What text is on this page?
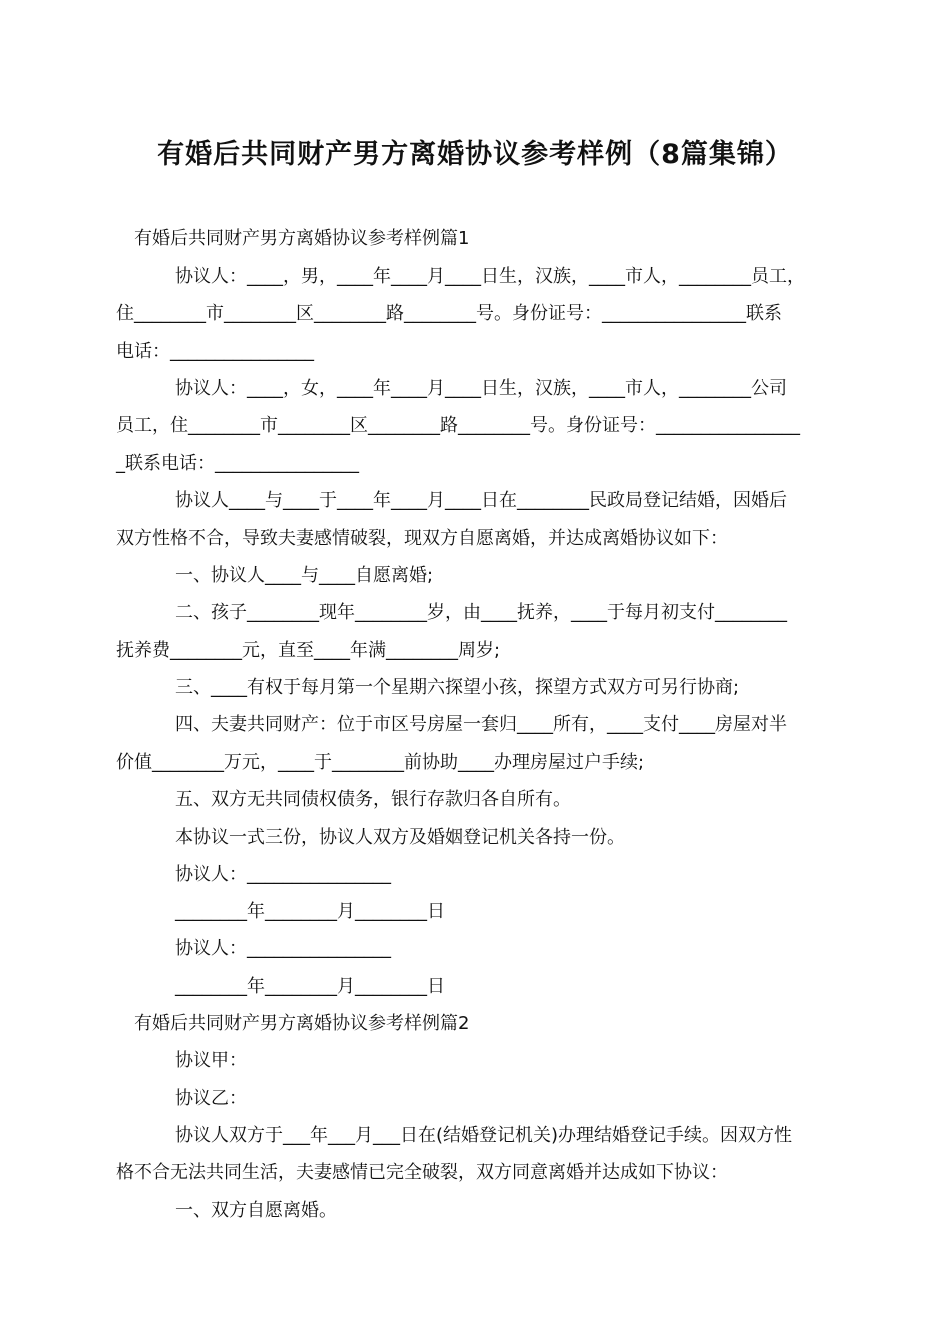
有婚后共同财产男方离婚协议参考样例（8篇集锦）
有婚后共同财产男方离婚协议参考样例篇1
协议人：____，男，____年____月____日生，汉族，____市人，________员工，
住________市________区________路________号。身份证号：________________联系
电话：________________
协议人：____，女，____年____月____日生，汉族，____市人，________公司
员工，住________市________区________路________号。身份证号：________________
_联系电话：________________
协议人____与____于____年____月____日在________民政局登记结婚，因婚后
双方性格不合，导致夫妻感情破裂，现双方自愿离婚，并达成离婚协议如下：
一、协议人____与____自愿离婚;
二、孩子________现年________岁，由____抚养，____于每月初支付________
抚养费________元，直至____年满________周岁;
三、____有权于每月第一个星期六探望小孩，探望方式双方可另行协商;
四、夫妻共同财产：位于市区号房屋一套归____所有，____支付____房屋对半
价值________万元，____于________前协助____办理房屋过户手续;
五、双方无共同债权债务，银行存款归各自所有。
本协议一式三份，协议人双方及婚姻登记机关各持一份。
协议人：________________
________年________月________日
协议人：________________
________年________月________日
有婚后共同财产男方离婚协议参考样例篇2
协议甲：
协议乙：
协议人双方于___年___月___日在(结婚登记机关)办理结婚登记手续。因双方性
格不合无法共同生活，夫妻感情已完全破裂，双方同意离婚并达成如下协议：
一、双方自愿离婚。
